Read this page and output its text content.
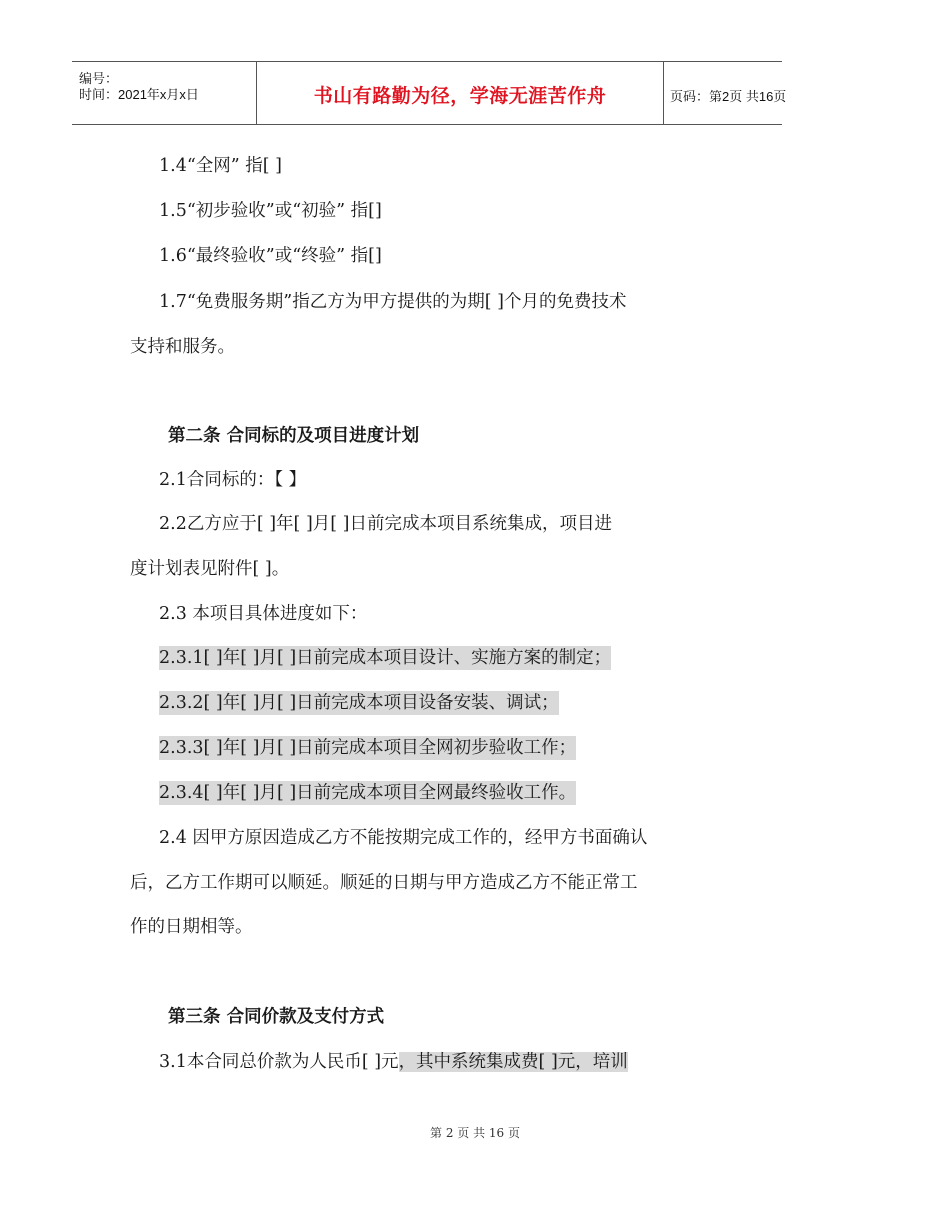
编号：
时间：2021年x月x日	书山有路勤为径，学海无涯苦作舟	页码：第2页 共16页
1.4“全网” 指[ ]
1.5“初步验收”或“初验” 指[]
1.6“最终验收”或“终验” 指[]
1.7“免费服务期”指乙方为甲方提供的为期[ ]个月的免费技术
支持和服务。
第二条 合同标的及项目进度计划
2.1合同标的：【 】
2.2乙方应于[ ]年[ ]月[ ]日前完成本项目系统集成，项目进
度计划表见附件[ ]。
2.3 本项目具体进度如下：
2.3.1[ ]年[ ]月[ ]日前完成本项目设计、实施方案的制定；
2.3.2[ ]年[ ]月[ ]日前完成本项目设备安装、调试；
2.3.3[ ]年[ ]月[ ]日前完成本项目全网初步验收工作；
2.3.4[ ]年[ ]月[ ]日前完成本项目全网最终验收工作。
2.4 因甲方原因造成乙方不能按期完成工作的，经甲方书面确认
后，乙方工作期可以顺延。顺延的日期与甲方造成乙方不能正常工
作的日期相等。
第三条 合同价款及支付方式
3.1本合同总价款为人民币[ ]元，其中系统集成费[ ]元，培训
第 2 页 共 16 页
